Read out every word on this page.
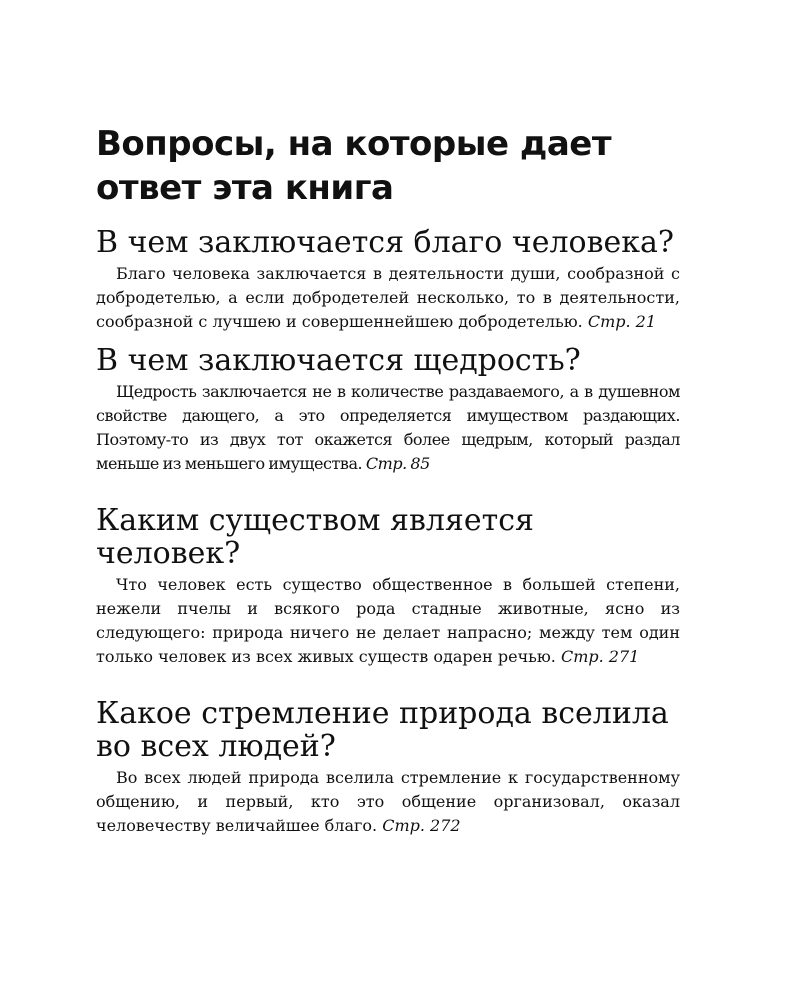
Вопросы, на которые дает ответ эта книга
В чем заключается благо человека?

Благо человека заключается в деятельности души, сообразной с добродетелью, а если добродетелей несколько, то в деятельности, сообразной с лучшею и совершеннейшею добродетелью. Стр. 21

В чем заключается щедрость?

Щедрость заключается не в количестве раздаваемого, а в душевном свойстве дающего, а это определяется имуществом раздающих. Поэтому-то из двух тот окажется более щедрым, который раздал меньше из меньшего имущества. Стр. 85

Каким существом является человек?

Что человек есть существо общественное в большей степени, нежели пчелы и всякого рода стадные животные, ясно из следующего: природа ничего не делает напрасно; между тем один только человек из всех живых существ одарен речью. Стр. 271

Какое стремление природа вселила во всех людей?

Во всех людей природа вселила стремление к государственному общению, и первый, кто это общение организовал, оказал человечеству величайшее благо. Стр. 272
